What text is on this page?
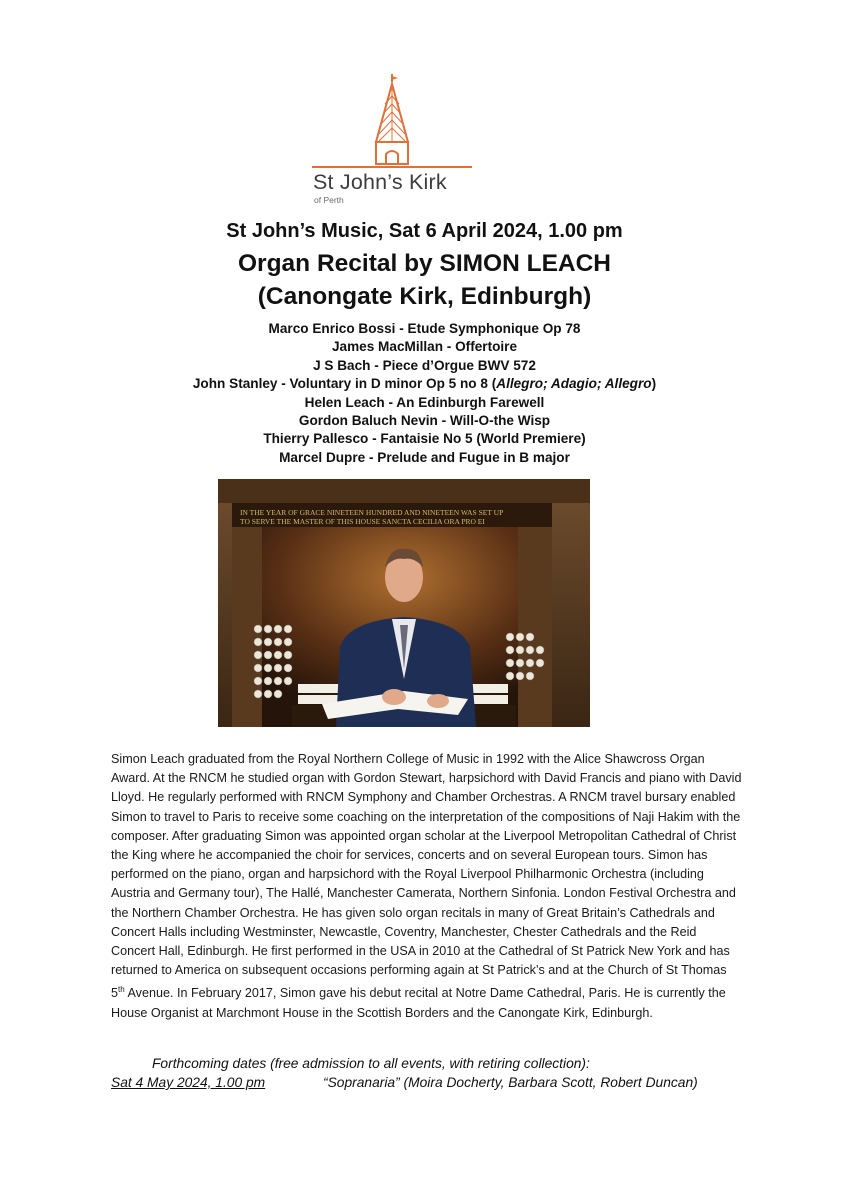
St John’s Kirk
of Perth
St John’s Music, Sat 6 April 2024, 1.00 pm
Organ Recital by SIMON LEACH
(Canongate Kirk, Edinburgh)
Marco Enrico Bossi - Etude Symphonique Op 78
James MacMillan - Offertoire
J S Bach - Piece d’Orgue BWV 572
John Stanley - Voluntary in D minor Op 5 no 8 (Allegro; Adagio; Allegro)
Helen Leach - An Edinburgh Farewell
Gordon Baluch Nevin - Will-O-the Wisp
Thierry Pallesco - Fantaisie No 5 (World Premiere)
Marcel Dupre - Prelude and Fugue in B major
IN THE YEAR OF GRACE NINETEEN HUNDRED AND NINETEEN WAS SET UP
TO SERVE THE MASTER OF THIS HOUSE SANCTA CECILIA ORA PRO EI

Simon Leach graduated from the Royal Northern College of Music in 1992 with the Alice Shawcross Organ Award. At the RNCM he studied organ with Gordon Stewart, harpsichord with David Francis and piano with David Lloyd. He regularly performed with RNCM Symphony and Chamber Orchestras. A RNCM travel bursary enabled Simon to travel to Paris to receive some coaching on the interpretation of the compositions of Naji Hakim with the composer. After graduating Simon was appointed organ scholar at the Liverpool Metropolitan Cathedral of Christ the King where he accompanied the choir for services, concerts and on several European tours. Simon has performed on the piano, organ and harpsichord with the Royal Liverpool Philharmonic Orchestra (including Austria and Germany tour), The Hallé, Manchester Camerata, Northern Sinfonia. London Festival Orchestra and the Northern Chamber Orchestra. He has given solo organ recitals in many of Great Britain’s Cathedrals and Concert Halls including Westminster, Newcastle, Coventry, Manchester, Chester Cathedrals and the Reid Concert Hall, Edinburgh. He first performed in the USA in 2010 at the Cathedral of St Patrick New York and has returned to America on subsequent occasions performing again at St Patrick’s and at the Church of St Thomas 5th Avenue. In February 2017, Simon gave his debut recital at Notre Dame Cathedral, Paris. He is currently the House Organist at Marchmont House in the Scottish Borders and the Canongate Kirk, Edinburgh.

Forthcoming dates (free admission to all events, with retiring collection):
Sat 4 May 2024, 1.00 pm	“Sopranaria” (Moira Docherty, Barbara Scott, Robert Duncan)
